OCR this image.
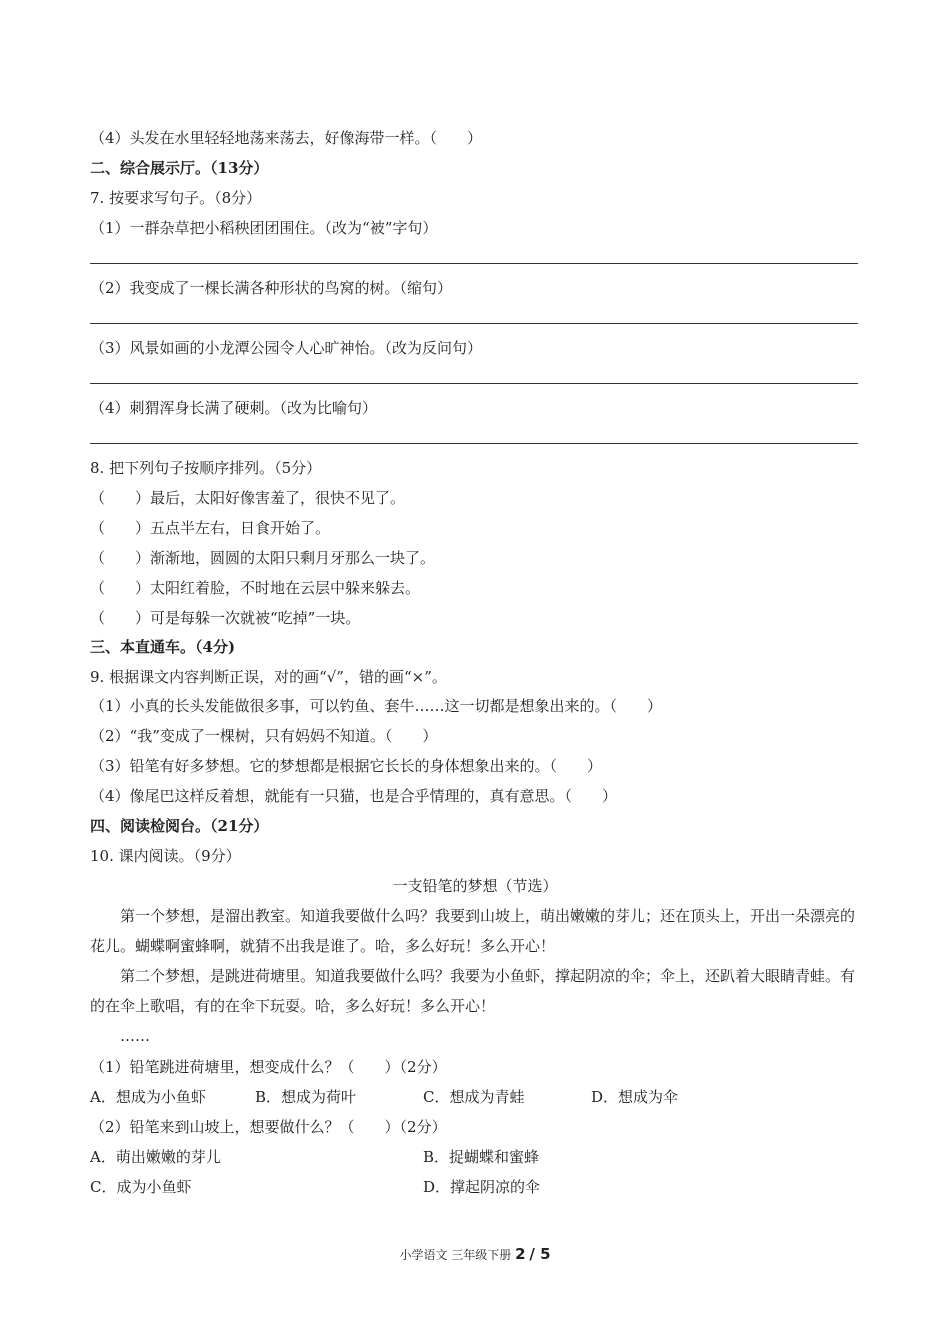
（4）头发在水里轻轻地荡来荡去，好像海带一样。（　　）
二、综合展示厅。（13分）
7. 按要求写句子。（8分）
（1）一群杂草把小稻秧团团围住。（改为“被”字句）
（2）我变成了一棵长满各种形状的鸟窝的树。（缩句）
（3）风景如画的小龙潭公园令人心旷神怡。（改为反问句）
（4）刺猬浑身长满了硬刺。（改为比喻句）
8. 把下列句子按顺序排列。（5分）
（　　）最后，太阳好像害羞了，很快不见了。
（　　）五点半左右，日食开始了。
（　　）渐渐地，圆圆的太阳只剩月牙那么一块了。
（　　）太阳红着脸，不时地在云层中躲来躲去。
（　　）可是每躲一次就被“吃掉”一块。
三、本直通车。（4分)
9. 根据课文内容判断正误，对的画“√”，错的画“×”。
（1）小真的长头发能做很多事，可以钓鱼、套牛……这一切都是想象出来的。（　　）
（2）“我”变成了一棵树，只有妈妈不知道。（　　）
（3）铅笔有好多梦想。它的梦想都是根据它长长的身体想象出来的。（　　）
（4）像尾巴这样反着想，就能有一只猫，也是合乎情理的，真有意思。（　　）
四、阅读检阅台。（21分）
10. 课内阅读。（9分）
一支铅笔的梦想（节选）
第一个梦想，是溜出教室。知道我要做什么吗？我要到山坡上，萌出嫩嫩的芽儿；还在顶头上，开出一朵漂亮的花儿。蝴蝶啊蜜蜂啊，就猜不出我是谁了。哈，多么好玩！多么开心！
第二个梦想，是跳进荷塘里。知道我要做什么吗？我要为小鱼虾，撑起阴凉的伞；伞上，还趴着大眼睛青蛙。有的在伞上歌唱，有的在伞下玩耍。哈，多么好玩！多么开心！
……
（1）铅笔跳进荷塘里，想变成什么？（　　）（2分）
A．想成为小鱼虾	B．想成为荷叶	C．想成为青蛙	D．想成为伞
（2）铅笔来到山坡上，想要做什么？（　　）（2分）
A．萌出嫩嫩的芽儿	B．捉蝴蝶和蜜蜂
C．成为小鱼虾	D．撑起阴凉的伞
小学语文 三年级下册 2 / 5
